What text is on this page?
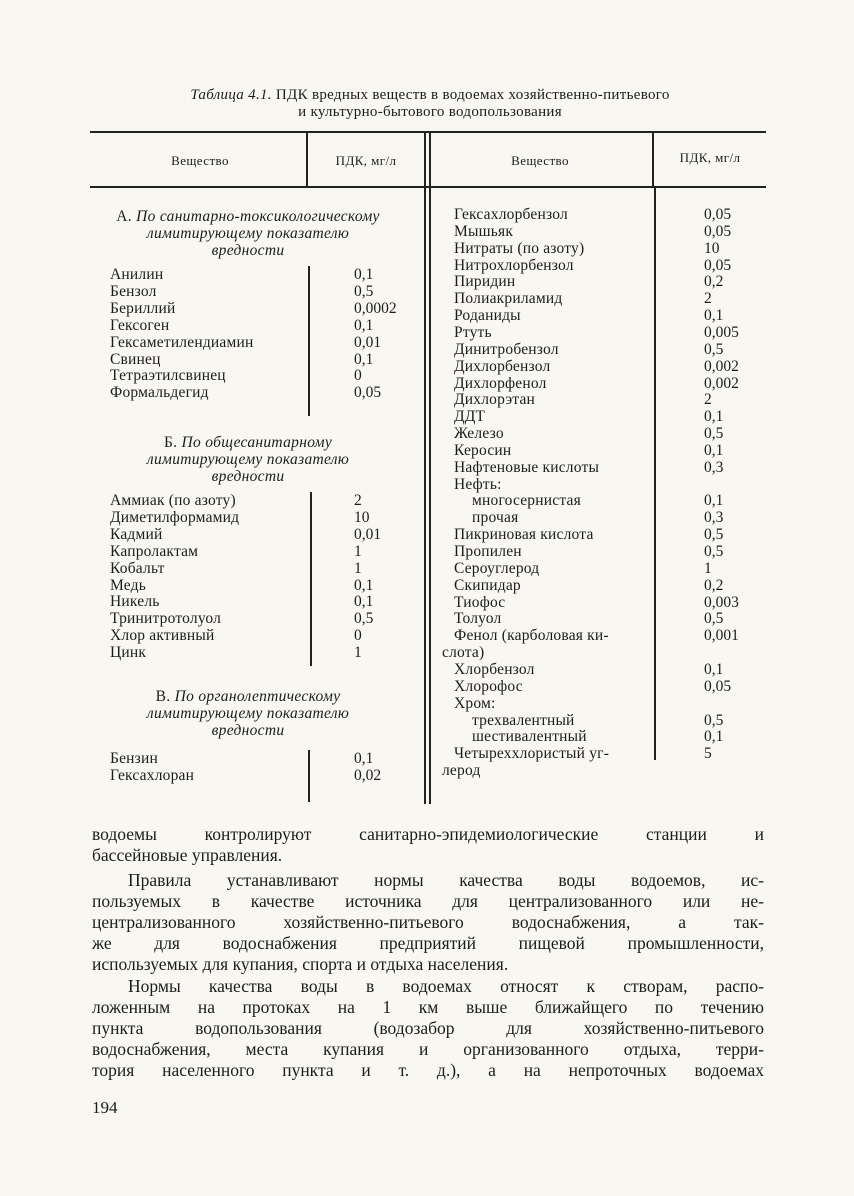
Таблица 4.1. ПДК вредных веществ в водоемах хозяйственно-питьевого
и культурно-бытового водопользования
Вещество	ПДК, мг/л	Вещество	ПДК, мг/л
А. По санитарно-токсикологическому
лимитирующему показателю
вредности
Анилин	0,1
Бензол	0,5
Бериллий	0,0002
Гексоген	0,1
Гексаметилендиамин	0,01
Свинец	0,1
Тетраэтилсвинец	0
Формальдегид	0,05
Б. По общесанитарному
лимитирующему показателю
вредности
Аммиак (по азоту)	2
Диметилформамид	10
Кадмий	0,01
Капролактам	1
Кобальт	1
Медь	0,1
Никель	0,1
Тринитротолуол	0,5
Хлор активный	0
Цинк	1
В. По органолептическому
лимитирующему показателю
вредности
Бензин	0,1
Гексахлоран	0,02
Гексахлорбензол	0,05
Мышьяк	0,05
Нитраты (по азоту)	10
Нитрохлорбензол	0,05
Пиридин	0,2
Полиакриламид	2
Роданиды	0,1
Ртуть	0,005
Динитробензол	0,5
Дихлорбензол	0,002
Дихлорфенол	0,002
Дихлорэтан	2
ДДТ	0,1
Железо	0,5
Керосин	0,1
Нафтеновые кислоты	0,3
Нефть:
многосернистая	0,1
прочая	0,3
Пикриновая кислота	0,5
Пропилен	0,5
Сероуглерод	1
Скипидар	0,2
Тиофос	0,003
Толуол	0,5
Фенол (карболовая ки-	0,001
слота)
Хлорбензол	0,1
Хлорофос	0,05
Хром:
трехвалентный	0,5
шестивалентный	0,1
Четыреххлористый уг-	5
лерод
водоемы контролируют санитарно-эпидемиологические станции и
бассейновые управления.
Правила устанавливают нормы качества воды водоемов, ис-
пользуемых в качестве источника для централизованного или не-
централизованного хозяйственно-питьевого водоснабжения, а так-
же для водоснабжения предприятий пищевой промышленности,
используемых для купания, спорта и отдыха населения.
Нормы качества воды в водоемах относят к створам, распо-
ложенным на протоках на 1 км выше ближайщего по течению
пункта водопользования (водозабор для хозяйственно-питьевого
водоснабжения, места купания и организованного отдыха, терри-
тория населенного пункта и т. д.), а на непроточных водоемах
194
